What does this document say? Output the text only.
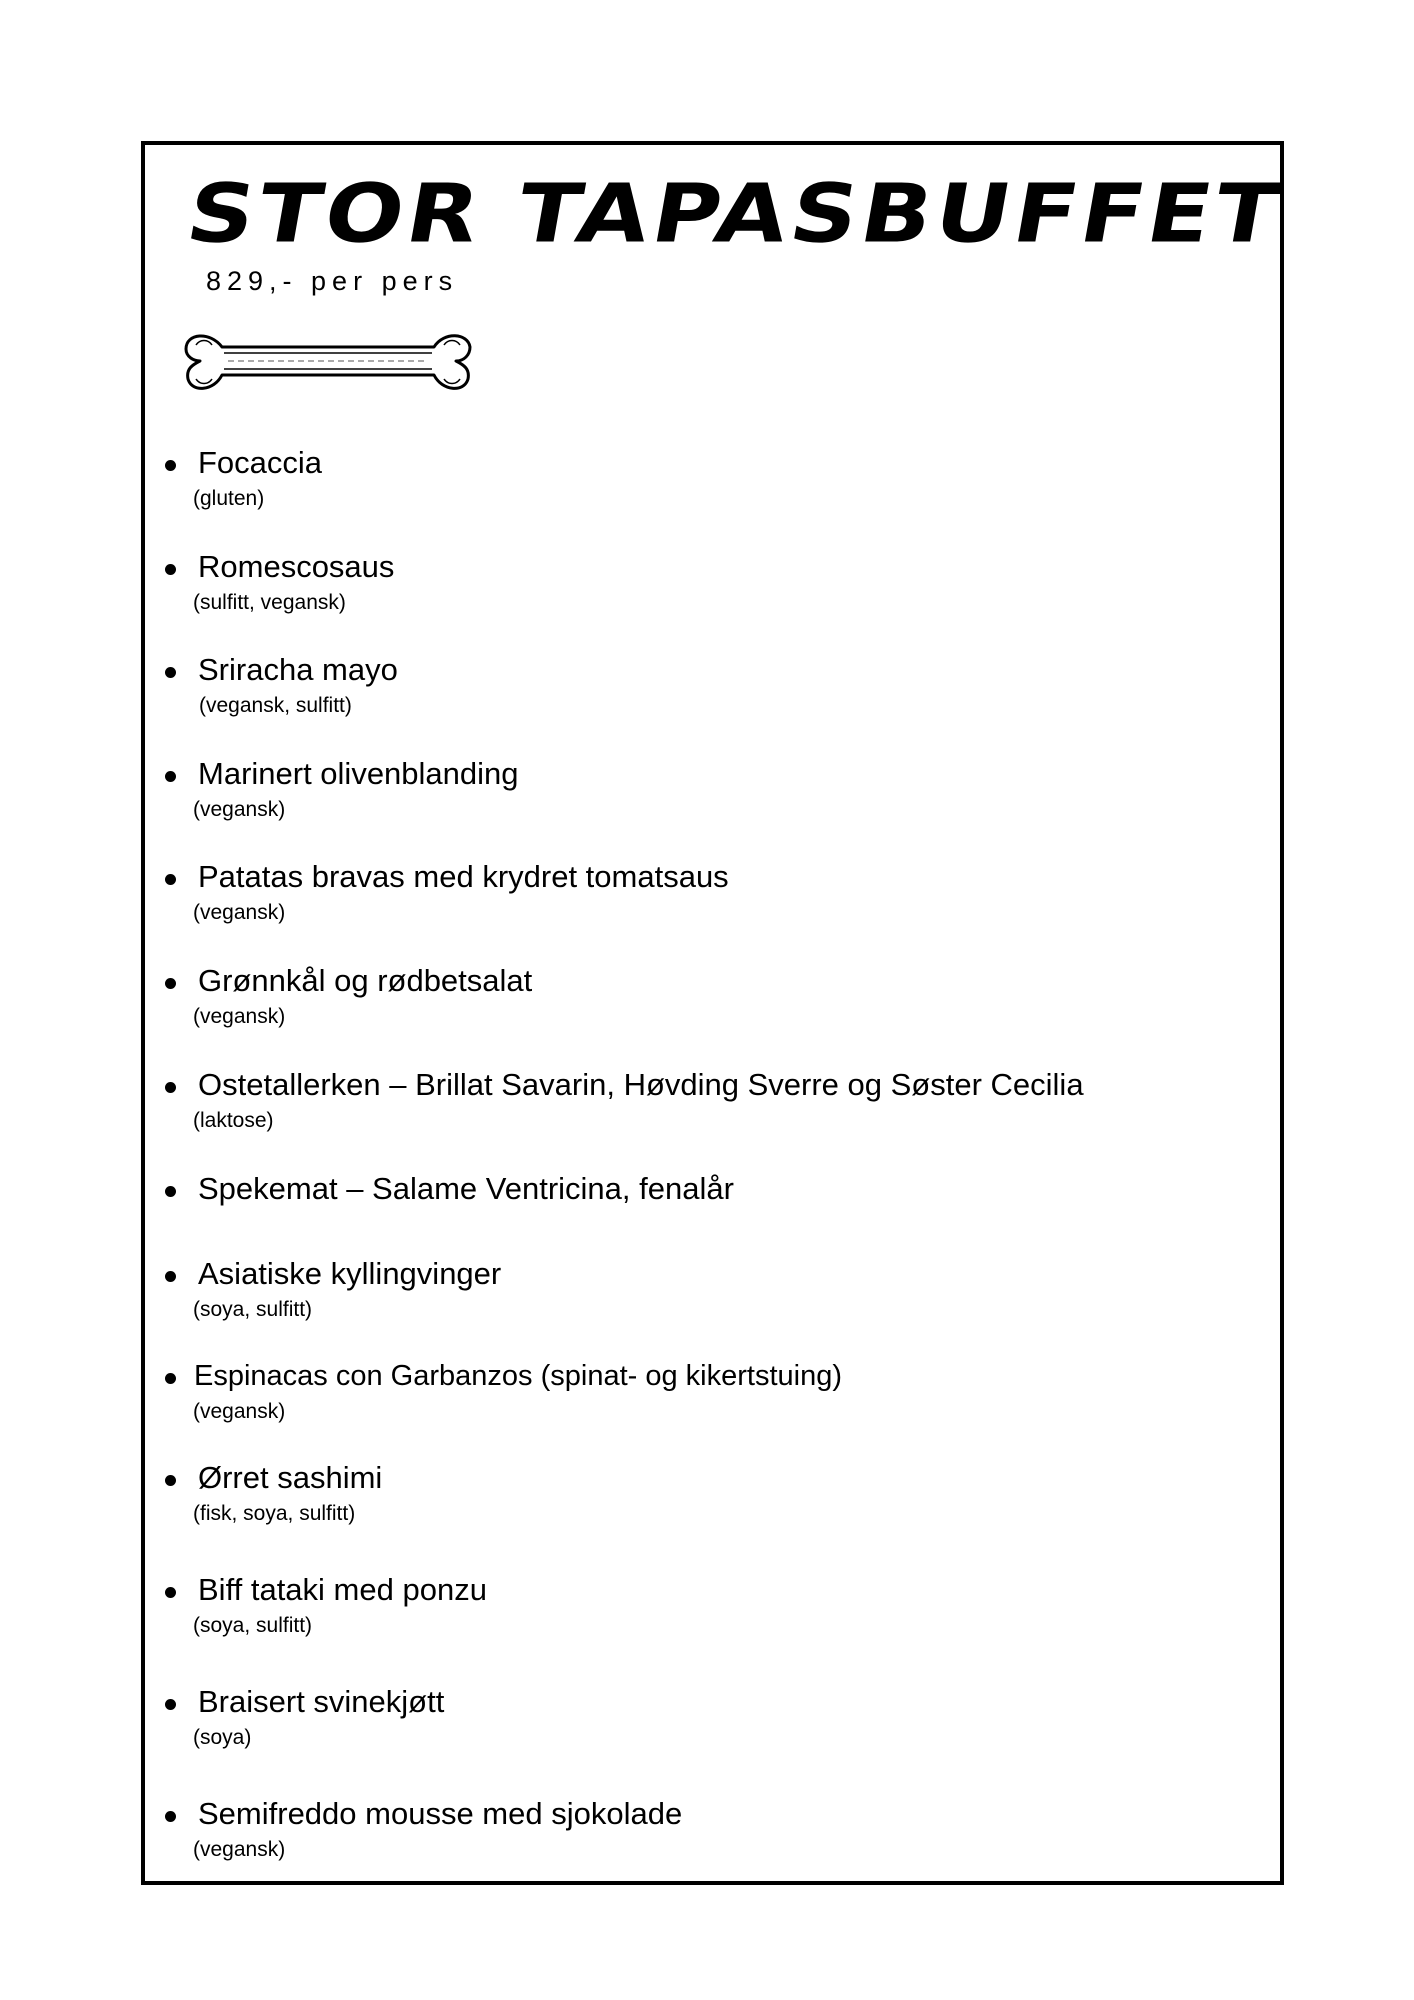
STOR TAPASBUFFET
829,- per pers
Focaccia
(gluten)
Romescosaus
(sulfitt, vegansk)
Sriracha mayo
(vegansk, sulfitt)
Marinert olivenblanding
(vegansk)
Patatas bravas med krydret tomatsaus
(vegansk)
Grønnkål og rødbetsalat
(vegansk)
Ostetallerken – Brillat Savarin, Høvding Sverre og Søster Cecilia
(laktose)
Spekemat – Salame Ventricina, fenalår
Asiatiske kyllingvinger
(soya, sulfitt)
Espinacas con Garbanzos (spinat- og kikertstuing)
(vegansk)
Ørret sashimi
(fisk, soya, sulfitt)
Biff tataki med ponzu
(soya, sulfitt)
Braisert svinekjøtt
(soya)
Semifreddo mousse med sjokolade
(vegansk)
